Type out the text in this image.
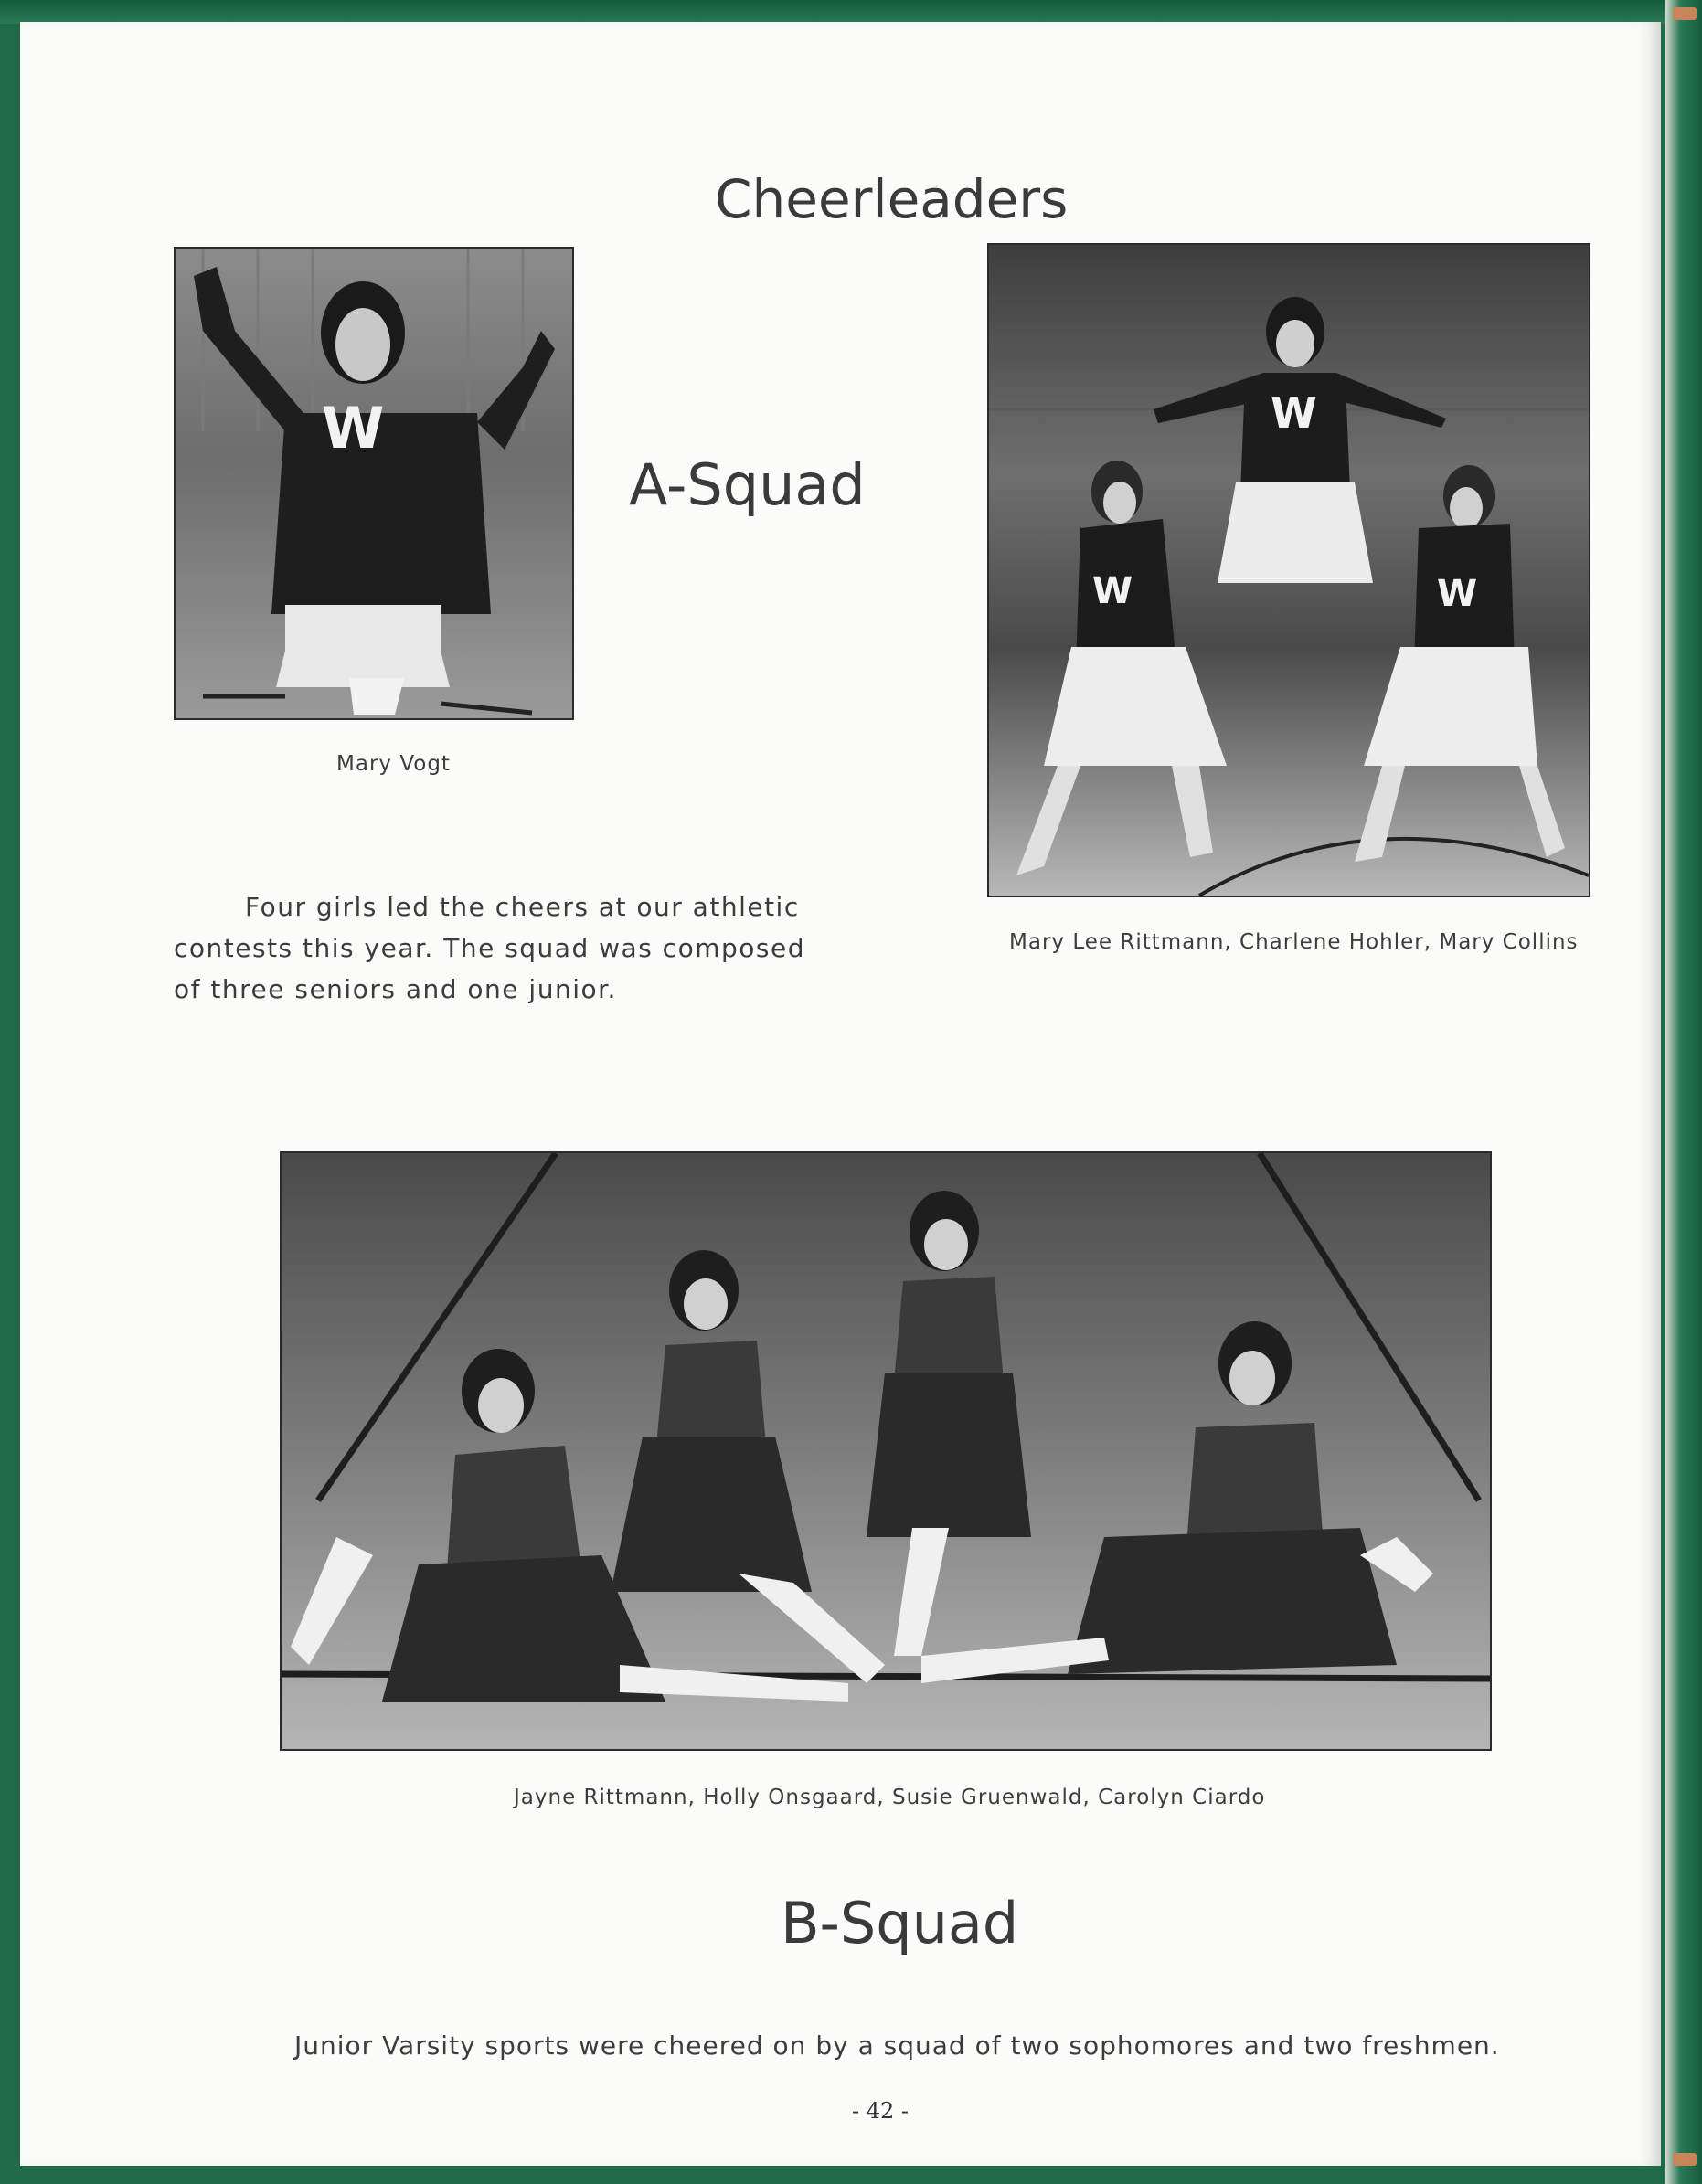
Cheerleaders
W
Mary Vogt
A-Squad

Four girls led the cheers at our athletic contests this year. The squad was composed of three seniors and one junior.

W
W	W
Mary Lee Rittmann, Charlene Hohler, Mary Collins
Jayne Rittmann, Holly Onsgaard, Susie Gruenwald, Carolyn Ciardo
B-Squad

Junior Varsity sports were cheered on by a squad of two sophomores and two freshmen.

- 42 -
